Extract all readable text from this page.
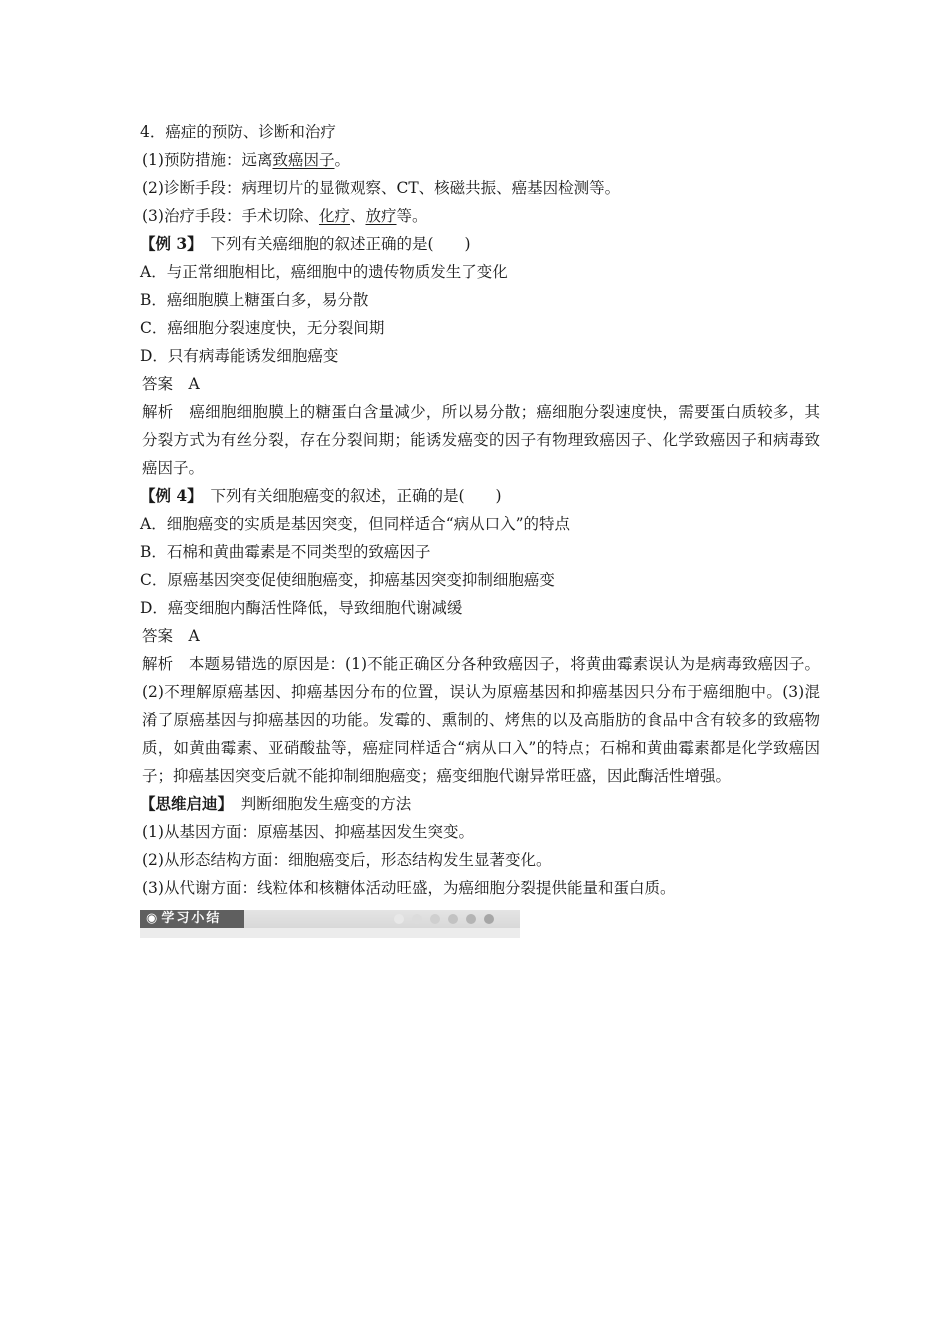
4．癌症的预防、诊断和治疗

(1)预防措施：远离致癌因子。

(2)诊断手段：病理切片的显微观察、CT、核磁共振、癌基因检测等。

(3)治疗手段：手术切除、化疗、放疗等。

【例 3】　 下列有关癌细胞的叙述正确的是(　　)

A．与正常细胞相比，癌细胞中的遗传物质发生了变化

B．癌细胞膜上糖蛋白多，易分散

C．癌细胞分裂速度快，无分裂间期

D．只有病毒能诱发细胞癌变

答案　A

解析　癌细胞细胞膜上的糖蛋白含量减少，所以易分散；癌细胞分裂速度快，需要蛋白质较多，其分裂方式为有丝分裂，存在分裂间期；能诱发癌变的因子有物理致癌因子、化学致癌因子和病毒致癌因子。

【例 4】　 下列有关细胞癌变的叙述，正确的是(　　)

A．细胞癌变的实质是基因突变，但同样适合“病从口入”的特点

B．石棉和黄曲霉素是不同类型的致癌因子

C．原癌基因突变促使细胞癌变，抑癌基因突变抑制细胞癌变

D．癌变细胞内酶活性降低，导致细胞代谢减缓

答案　A

解析　本题易错选的原因是：(1)不能正确区分各种致癌因子，将黄曲霉素误认为是病毒致癌因子。(2)不理解原癌基因、抑癌基因分布的位置，误认为原癌基因和抑癌基因只分布于癌细胞中。(3)混淆了原癌基因与抑癌基因的功能。发霉的、熏制的、烤焦的以及高脂肪的食品中含有较多的致癌物质，如黄曲霉素、亚硝酸盐等，癌症同样适合“病从口入”的特点；石棉和黄曲霉素都是化学致癌因子；抑癌基因突变后就不能抑制细胞癌变；癌变细胞代谢异常旺盛，因此酶活性增强。

【思维启迪】　 判断细胞发生癌变的方法

(1)从基因方面：原癌基因、抑癌基因发生突变。

(2)从形态结构方面：细胞癌变后，形态结构发生显著变化。

(3)从代谢方面：线粒体和核糖体活动旺盛，为癌细胞分裂提供能量和蛋白质。

◉ 学习小结
